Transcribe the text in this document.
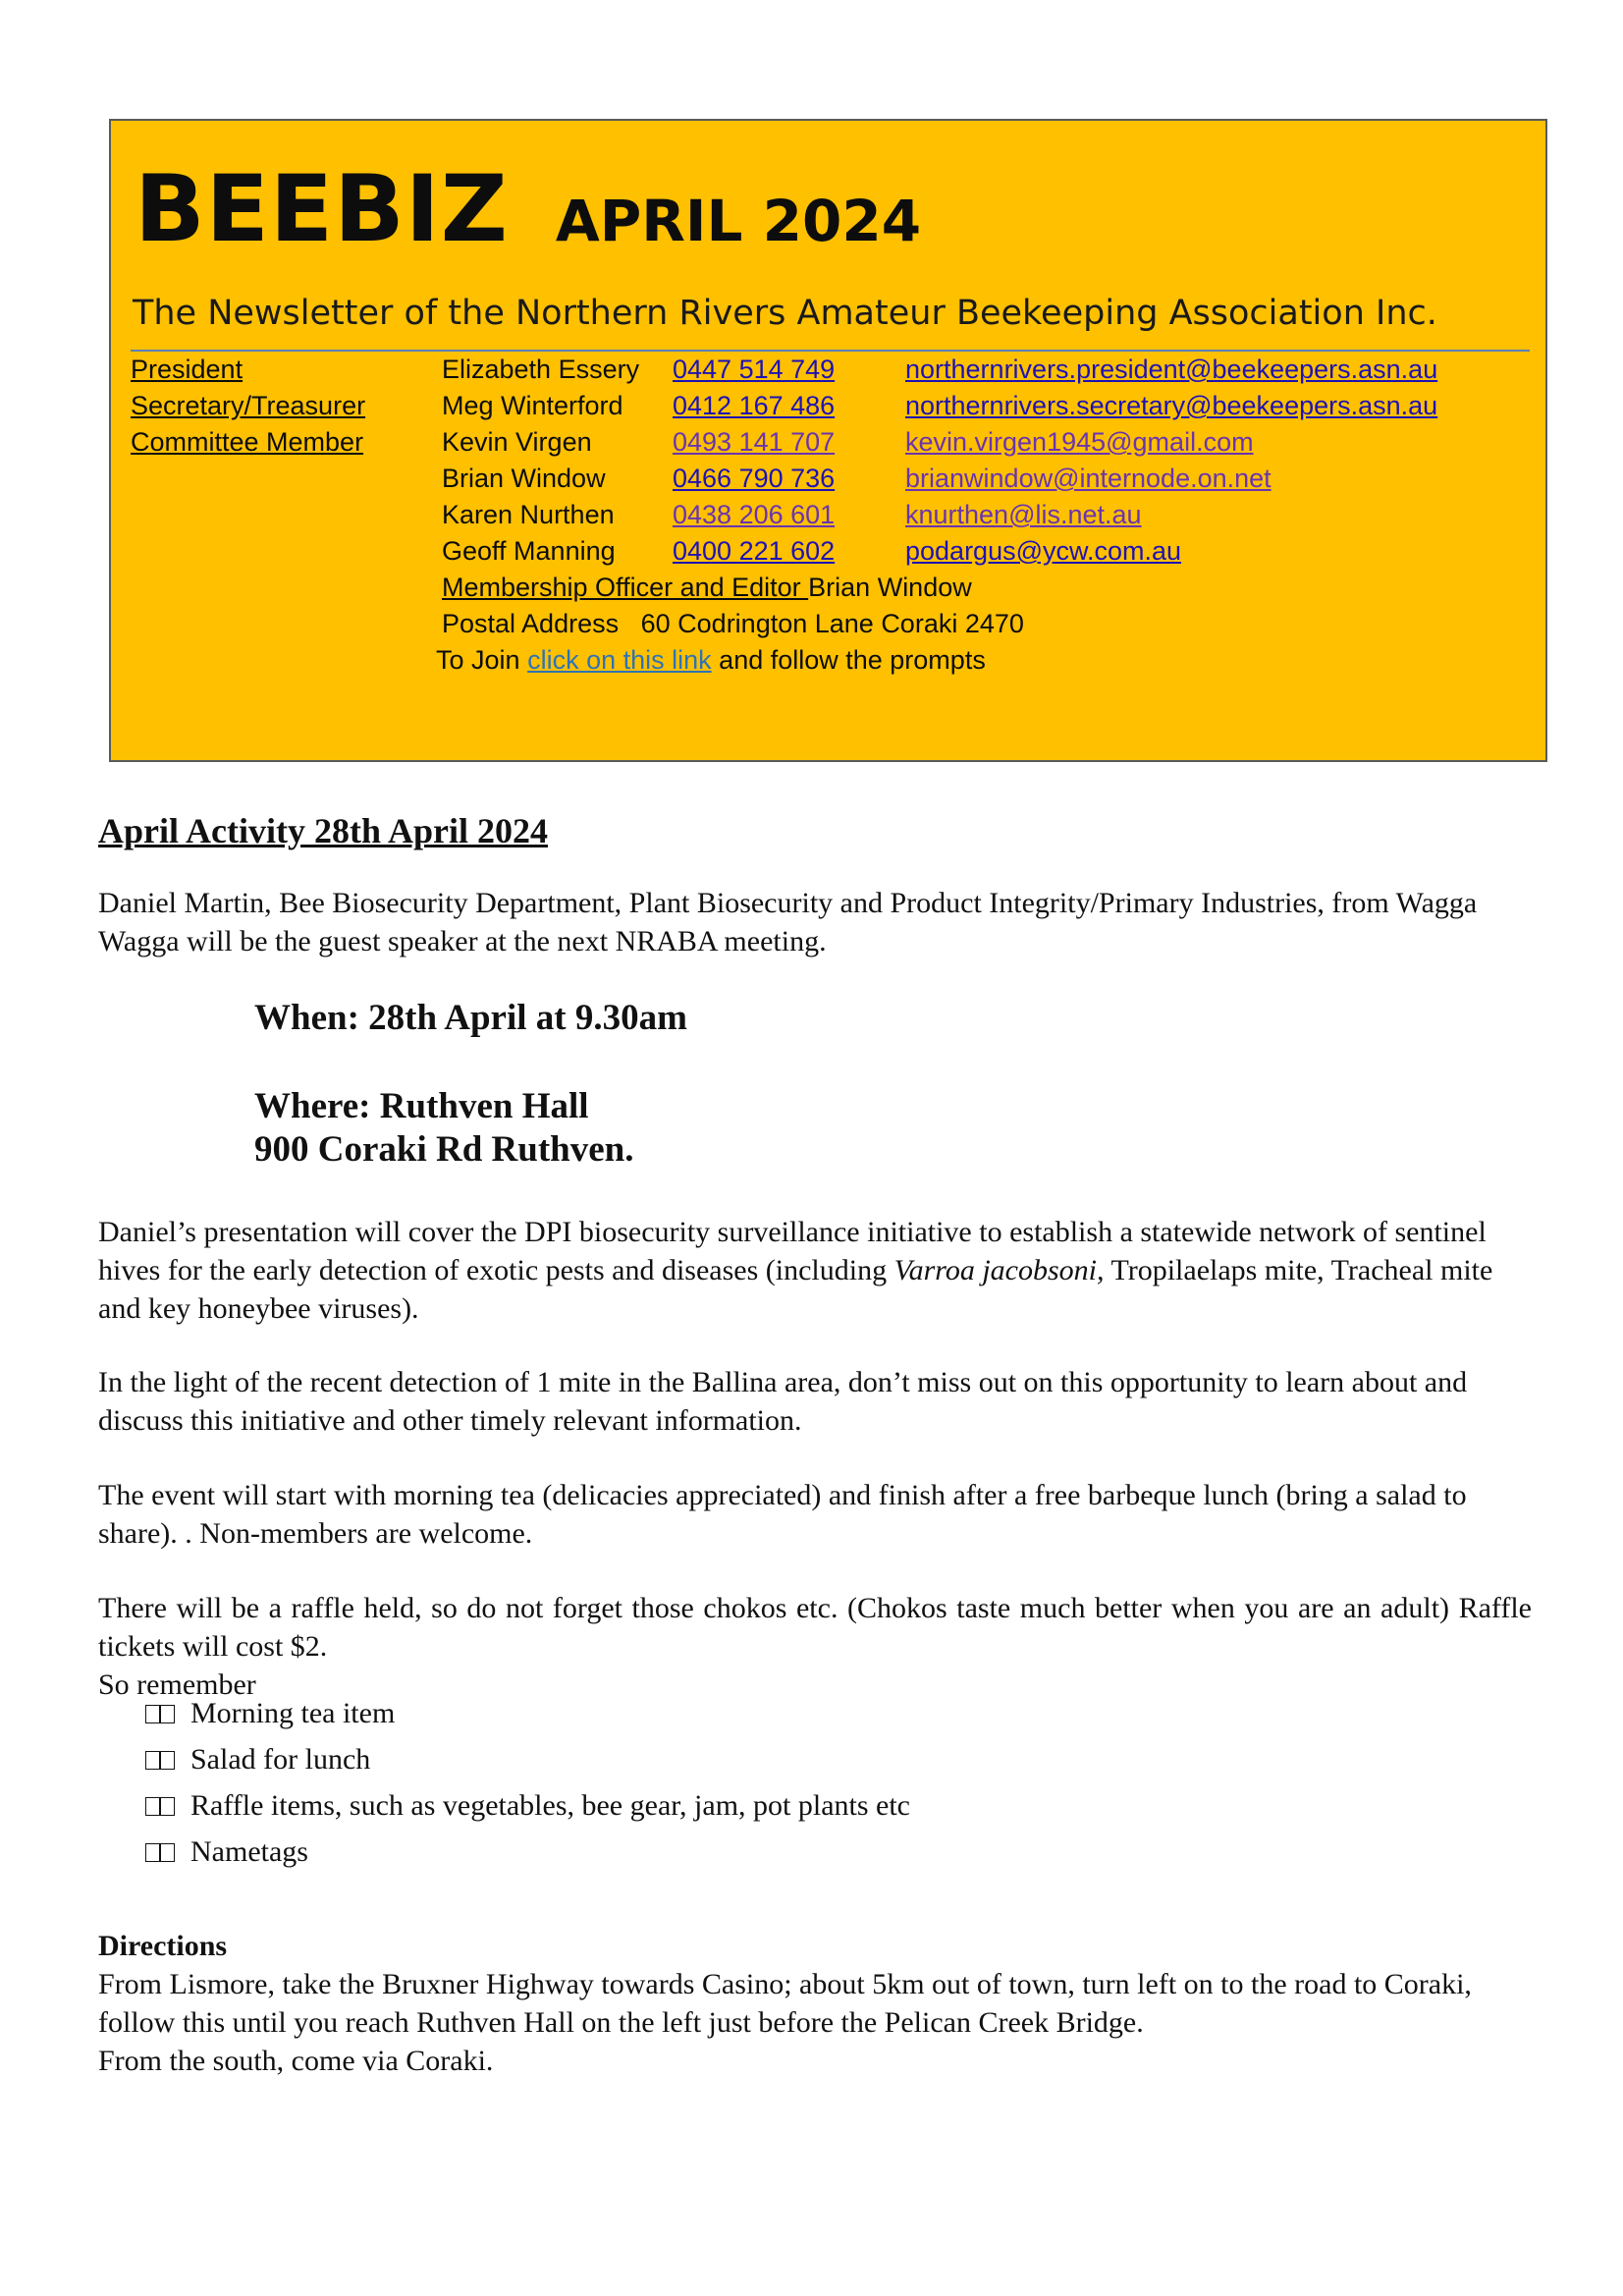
BEEBIZ APRIL 2024
The Newsletter of the Northern Rivers Amateur Beekeeping Association Inc.
President	Elizabeth Essery 0447 514 749	northernrivers.president@beekeepers.asn.au
Secretary/Treasurer	Meg Winterford 0412 167 486	northernrivers.secretary@beekeepers.asn.au
Committee Member	Kevin Virgen	0493 141 707	kevin.virgen1945@gmail.com
Brian Window	0466 790 736	brianwindow@internode.on.net
Karen Nurthen 0438 206 601	knurthen@lis.net.au
Geoff Manning 0400 221 602	podargus@ycw.com.au
Membership Officer and Editor Brian Window
Postal Address 60 Codrington Lane Coraki 2470
To Join click on this link and follow the prompts
April Activity 28th April 2024
Daniel Martin, Bee Biosecurity Department, Plant Biosecurity and Product Integrity/Primary Industries, from Wagga Wagga will be the guest speaker at the next NRABA meeting.
When: 28th April at 9.30am
Where: Ruthven Hall
900 Coraki Rd Ruthven.
Daniel’s presentation will cover the DPI biosecurity surveillance initiative to establish a statewide network of sentinel hives for the early detection of exotic pests and diseases (including Varroa jacobsoni, Tropilaelaps mite, Tracheal mite and key honeybee viruses).
In the light of the recent detection of 1 mite in the Ballina area, don’t miss out on this opportunity to learn about and discuss this initiative and other timely relevant information.
The event will start with morning tea (delicacies appreciated) and finish after a free barbeque lunch (bring a salad to share). . Non-members are welcome.
There will be a raffle held, so do not forget those chokos etc. (Chokos taste much better when you are an adult) Raffle tickets will cost $2.
So remember
Morning tea item
Salad for lunch
Raffle items, such as vegetables, bee gear, jam, pot plants etc
Nametags
Directions
From Lismore, take the Bruxner Highway towards Casino; about 5km out of town, turn left on to the road to Coraki, follow this until you reach Ruthven Hall on the left just before the Pelican Creek Bridge.
From the south, come via Coraki.
